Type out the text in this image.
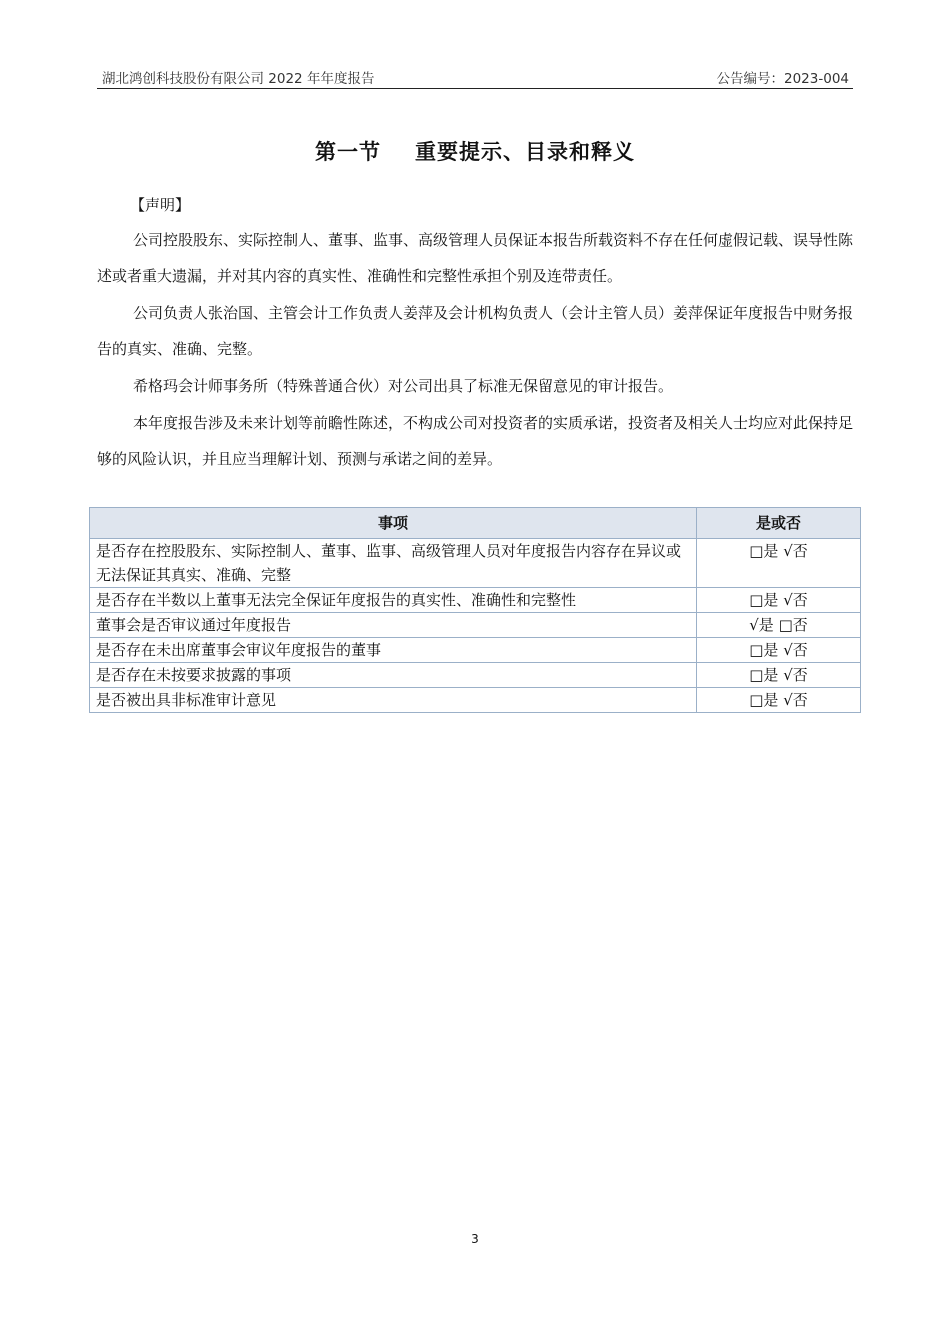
湖北鸿创科技股份有限公司 2022 年年度报告	公告编号：2023-004
第一节 重要提示、目录和释义
【声明】
公司控股股东、实际控制人、董事、监事、高级管理人员保证本报告所载资料不存在任何虚假记载、误导性陈述或者重大遗漏，并对其内容的真实性、准确性和完整性承担个别及连带责任。
公司负责人张治国、主管会计工作负责人姜萍及会计机构负责人（会计主管人员）姜萍保证年度报告中财务报告的真实、准确、完整。
希格玛会计师事务所（特殊普通合伙）对公司出具了标准无保留意见的审计报告。
本年度报告涉及未来计划等前瞻性陈述，不构成公司对投资者的实质承诺，投资者及相关人士均应对此保持足够的风险认识，并且应当理解计划、预测与承诺之间的差异。
事项	是或否
是否存在控股股东、实际控制人、董事、监事、高级管理人员对年度报告内容存在异议或无法保证其真实、准确、完整	□是 √否
是否存在半数以上董事无法完全保证年度报告的真实性、准确性和完整性	□是 √否
董事会是否审议通过年度报告	√是 □否
是否存在未出席董事会审议年度报告的董事	□是 √否
是否存在未按要求披露的事项	□是 √否
是否被出具非标准审计意见	□是 √否
3
